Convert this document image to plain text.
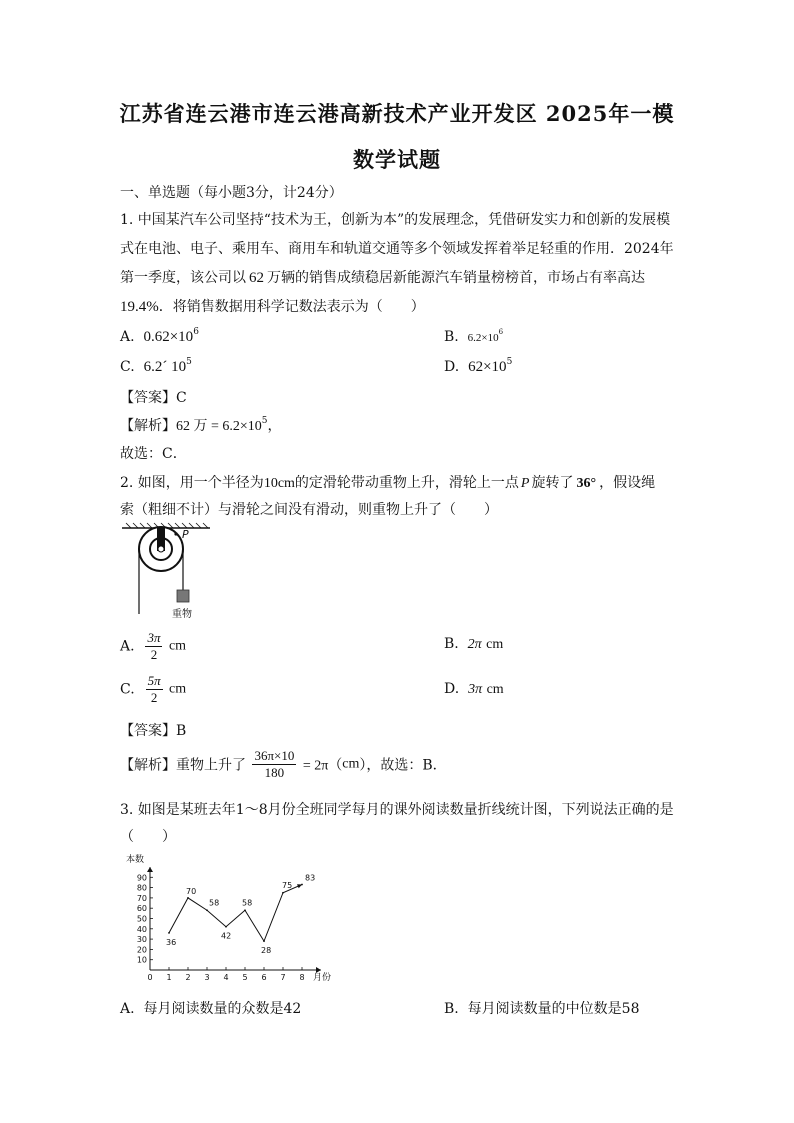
江苏省连云港市连云港高新技术产业开发区 2025年一模
数学试题
一、单选题（每小题3分，计24分）
1. 中国某汽车公司坚持“技术为王，创新为本”的发展理念，凭借研发实力和创新的发展模
式在电池、电子、乘用车、商用车和轨道交通等多个领域发挥着举足轻重的作用．2024年
第一季度，该公司以 62 万辆的销售成绩稳居新能源汽车销量榜榜首，市场占有率高达
19.4%．将销售数据用科学记数法表示为（　　）
A. $0.62\times 10^6$	B. $6.2\times 10^6$
C. 6.2ˊ $10^5$	D. $62\times 10^5$
【答案】C
【解析】62 万 = $6.2\times 10^5$，
故选：C．
2. 如图，用一个半径为10cm的定滑轮带动重物上升，滑轮上一点 P 旋转了 36° ，假设绳
索（粗细不计）与滑轮之间没有滑动，则重物上升了（　　）
P
重物
A. $\frac{3\pi}{2}$ cm	B. 2π cm
C. $\frac{5\pi}{2}$ cm	D. 3π cm
【答案】B
【解析】重物上升了 $\frac{36\pi\times 10}{180} = 2\pi(cm)$，故选：B．
3. 如图是某班去年1～8月份全班同学每月的课外阅读数量折线统计图，下列说法正确的是
（　　）
本数
月份
10
20
30
40
50
60
70
80
90
0 1 2 3 4 5 6 7 8
36
70
58
42
58
28
75
83
A. 每月阅读数量的众数是42	B. 每月阅读数量的中位数是58
